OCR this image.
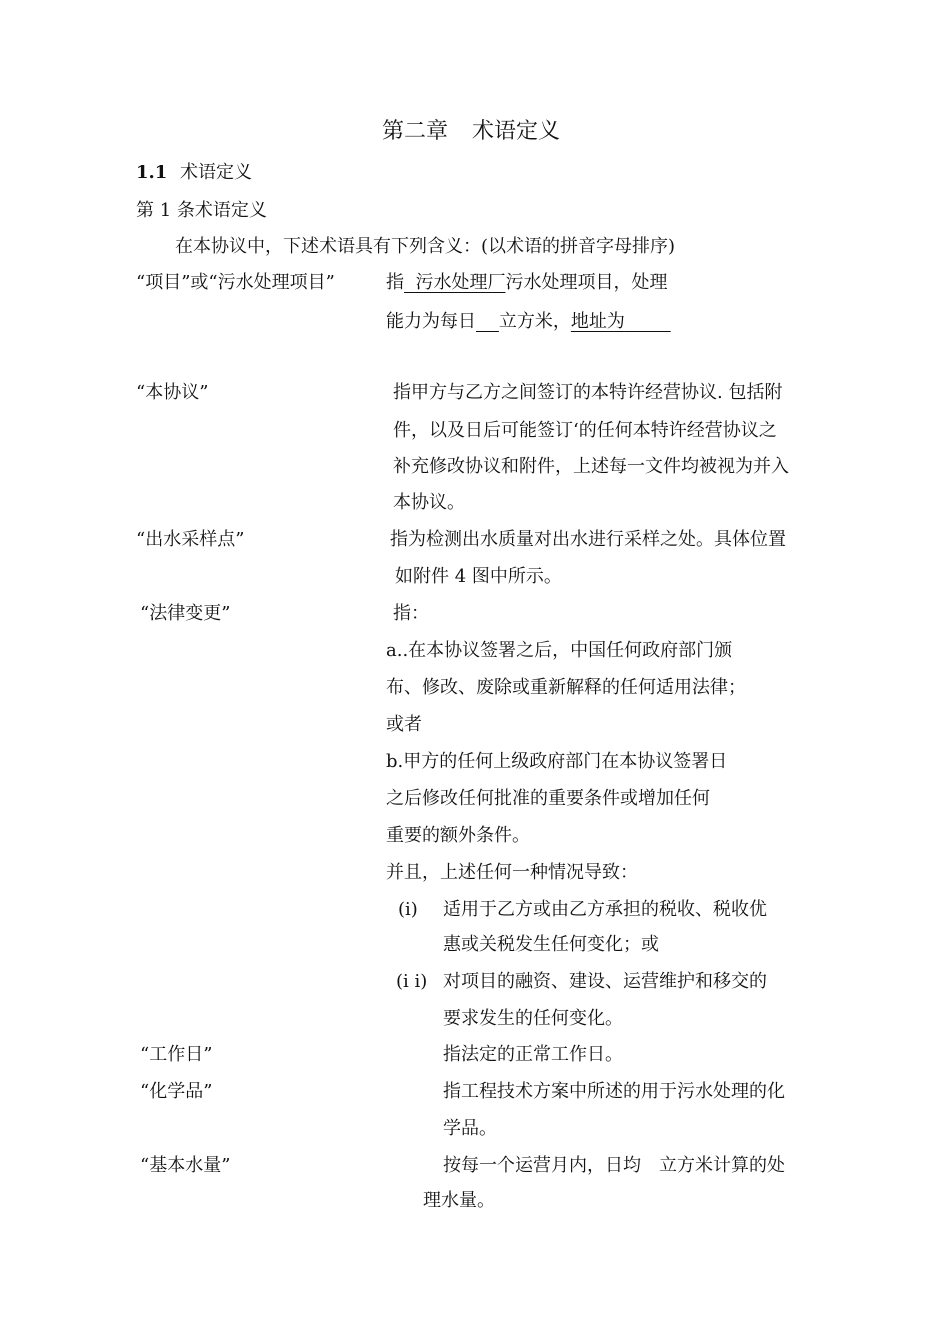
第二章 术语定义
1.1 术语定义
第 1 条术语定义
在本协议中，下述术语具有下列含义：(以术语的拼音字母排序)
“项目”或“污水处理项目”	指 污水处理厂污水处理项目，处理
能力为每日 立方米，地址为
“本协议”	指甲方与乙方之间签订的本特许经营协议. 包括附
件，以及日后可能签订‘的任何本特许经营协议之
补充修改协议和附件，上述每一文件均被视为并入
本协议。
“出水采样点”	指为检测出水质量对出水进行采样之处。具体位置
如附件 4 图中所示。
“法律变更”	指：
a..在本协议签署之后，中国任何政府部门颁
布、修改、废除或重新解释的任何适用法律；
或者
b.甲方的任何上级政府部门在本协议签署日
之后修改任何批准的重要条件或增加任何
重要的额外条件。
并且，上述任何一种情况导致：
(i) 适用于乙方或由乙方承担的税收、税收优
惠或关税发生任何变化；或
(i i) 对项目的融资、建设、运营维护和移交的
要求发生的任何变化。
“工作日”	指法定的正常工作日。
“化学品”	指工程技术方案中所述的用于污水处理的化
学品。
“基本水量”	按每一个运营月内，日均　立方米计算的处
理水量。
